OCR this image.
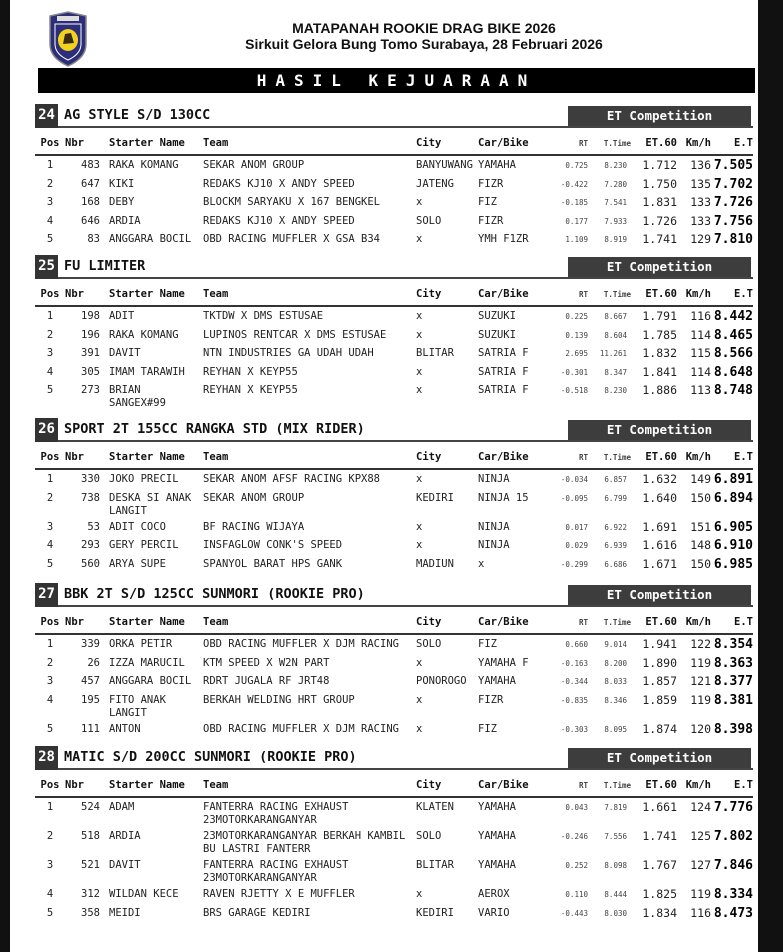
MATAPANAH ROOKIE DRAG BIKE 2026
Sirkuit Gelora Bung Tomo Surabaya, 28 Februari 2026
HASIL KEJUARAAN
24 AG STYLE S/D 130CC	ET Competition
Pos	Nbr	Starter Name	Team	City	Car/Bike	RT	T.Time	ET.60	Km/h	E.T
1	483	RAKA KOMANG	SEKAR ANOM GROUP	BANYUWANG	YAMAHA	0.725	8.230	1.712	136	7.505
2	647	KIKI	REDAKS KJ10 X ANDY SPEED	JATENG	FIZR	-0.422	7.280	1.750	135	7.702
3	168	DEBY	BLOCKM SARYAKU X 167 BENGKEL	x	FIZ	-0.185	7.541	1.831	133	7.726
4	646	ARDIA	REDAKS KJ10 X ANDY SPEED	SOLO	FIZR	0.177	7.933	1.726	133	7.756
5	83	ANGGARA BOCIL	OBD RACING MUFFLER X GSA B34	x	YMH F1ZR	1.109	8.919	1.741	129	7.810
25 FU LIMITER	ET Competition
Pos	Nbr	Starter Name	Team	City	Car/Bike	RT	T.Time	ET.60	Km/h	E.T
1	198	ADIT	TKTDW X DMS ESTUSAE	x	SUZUKI	0.225	8.667	1.791	116	8.442
2	196	RAKA KOMANG	LUPINOS RENTCAR X DMS ESTUSAE	x	SUZUKI	0.139	8.604	1.785	114	8.465
3	391	DAVIT	NTN INDUSTRIES GA UDAH UDAH	BLITAR	SATRIA F	2.695	11.261	1.832	115	8.566
4	305	IMAM TARAWIH	REYHAN X KEYP55	x	SATRIA F	-0.301	8.347	1.841	114	8.648
5	273	BRIAN SANGEX#99	REYHAN X KEYP55	x	SATRIA F	-0.518	8.230	1.886	113	8.748
26 SPORT 2T 155CC RANGKA STD (MIX RIDER)	ET Competition
Pos	Nbr	Starter Name	Team	City	Car/Bike	RT	T.Time	ET.60	Km/h	E.T
1	330	JOKO PRECIL	SEKAR ANOM AFSF RACING KPX88	x	NINJA	-0.034	6.857	1.632	149	6.891
2	738	DESKA SI ANAK LANGIT	SEKAR ANOM GROUP	KEDIRI	NINJA 15	-0.095	6.799	1.640	150	6.894
3	53	ADIT COCO	BF RACING WIJAYA	x	NINJA	0.017	6.922	1.691	151	6.905
4	293	GERY PERCIL	INSFAGLOW CONK'S SPEED	x	NINJA	0.029	6.939	1.616	148	6.910
5	560	ARYA SUPE	SPANYOL BARAT HPS GANK	MADIUN	x	-0.299	6.686	1.671	150	6.985
27 BBK 2T S/D 125CC SUNMORI (ROOKIE PRO)	ET Competition
Pos	Nbr	Starter Name	Team	City	Car/Bike	RT	T.Time	ET.60	Km/h	E.T
1	339	ORKA PETIR	OBD RACING MUFFLER X DJM RACING	SOLO	FIZ	0.660	9.014	1.941	122	8.354
2	26	IZZA MARUCIL	KTM SPEED X W2N PART	x	YAMAHA F	-0.163	8.200	1.890	119	8.363
3	457	ANGGARA BOCIL	RDRT JUGALA RF JRT48	PONOROGO	YAMAHA	-0.344	8.033	1.857	121	8.377
4	195	FITO ANAK LANGIT	BERKAH WELDING HRT GROUP	x	FIZR	-0.835	8.346	1.859	119	8.381
5	111	ANTON	OBD RACING MUFFLER X DJM RACING	x	FIZ	-0.303	8.095	1.874	120	8.398
28 MATIC S/D 200CC SUNMORI (ROOKIE PRO)	ET Competition
Pos	Nbr	Starter Name	Team	City	Car/Bike	RT	T.Time	ET.60	Km/h	E.T
1	524	ADAM	FANTERRA RACING EXHAUST 23MOTORKARANGANYAR	KLATEN	YAMAHA	0.043	7.819	1.661	124	7.776
2	518	ARDIA	23MOTORKARANGANYAR BERKAH KAMBIL BU LASTRI FANTERR	SOLO	YAMAHA	-0.246	7.556	1.741	125	7.802
3	521	DAVIT	FANTERRA RACING EXHAUST 23MOTORKARANGANYAR	BLITAR	YAMAHA	0.252	8.098	1.767	127	7.846
4	312	WILDAN KECE	RAVEN RJETTY X E MUFFLER	x	AEROX	0.110	8.444	1.825	119	8.334
5	358	MEIDI	BRS GARAGE KEDIRI	KEDIRI	VARIO	-0.443	8.030	1.834	116	8.473
